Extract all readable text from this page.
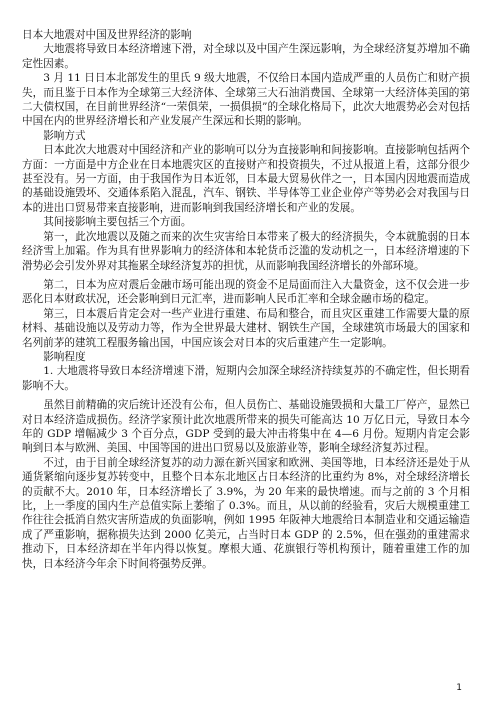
日本大地震对中国及世界经济的影响

大地震将导致日本经济增速下滑，对全球以及中国产生深远影响，为全球经济复苏增加不确定性因素。

3 月 11 日日本北部发生的里氏 9 级大地震，不仅给日本国内造成严重的人员伤亡和财产损失，而且鉴于日本作为全球第三大经济体、全球第三大石油消费国、全球第一大经济体美国的第二大债权国，在目前世界经济“一荣俱荣，一损俱损”的全球化格局下，此次大地震势必会对包括中国在内的世界经济增长和产业发展产生深远和长期的影响。

影响方式

日本此次大地震对中国经济和产业的影响可以分为直接影响和间接影响。直接影响包括两个方面：一方面是中方企业在日本地震灾区的直接财产和投资损失，不过从报道上看，这部分很少甚至没有。另一方面，由于我国作为日本近邻，日本最大贸易伙伴之一，日本国内因地震而造成的基础设施毁坏、交通体系陷入混乱，汽车、钢铁、半导体等工业企业停产等势必会对我国与日本的进出口贸易带来直接影响，进而影响到我国经济增长和产业的发展。

其间接影响主要包括三个方面。

第一，此次地震以及随之而来的次生灾害给日本带来了极大的经济损失，令本就脆弱的日本经济雪上加霜。作为具有世界影响力的经济体和本轮货币泛滥的发动机之一，日本经济增速的下滑势必会引发外界对其拖累全球经济复苏的担忧，从而影响我国经济增长的外部环境。

第二，日本为应对震后金融市场可能出现的资金不足局面而注入大量资金，这不仅会进一步恶化日本财政状况，还会影响到日元汇率，进而影响人民币汇率和全球金融市场的稳定。

第三，日本震后肯定会对一些产业进行重建、布局和整合，而且灾区重建工作需要大量的原材料、基础设施以及劳动力等，作为全世界最大建材、钢铁生产国，全球建筑市场最大的国家和名列前茅的建筑工程服务输出国，中国应该会对日本的灾后重建产生一定影响。

影响程度

1. 大地震将导致日本经济增速下滑，短期内会加深全球经济持续复苏的不确定性，但长期看影响不大。

虽然目前精确的灾后统计还没有公布，但人员伤亡、基础设施毁损和大量工厂停产，显然已对日本经济造成损伤。经济学家预计此次地震所带来的损失可能高达 10 万亿日元，导致日本今年的 GDP 增幅减少 3 个百分点，GDP 受到的最大冲击将集中在 4—6 月份。短期内肯定会影响到日本与欧洲、美国、中国等国的进出口贸易以及旅游业等，影响全球经济复苏过程。

不过，由于目前全球经济复苏的动力源在新兴国家和欧洲、美国等地，日本经济还是处于从通货紧缩向逐步复苏转变中，且整个日本东北地区占日本经济的比重约为 8%，对全球经济增长的贡献不大。2010 年，日本经济增长了 3.9%，为 20 年来的最快增速。而与之前的 3 个月相比，上一季度的国内生产总值实际上萎缩了 0.3%。而且，从以前的经验看，灾后大规模重建工作往往会抵消自然灾害所造成的负面影响，例如 1995 年阪神大地震给日本制造业和交通运输造成了严重影响，据称损失达到 2000 亿美元，占当时日本 GDP 的 2.5%，但在强劲的重建需求推动下，日本经济却在半年内得以恢复。摩根大通、花旗银行等机构预计，随着重建工作的加快，日本经济今年余下时间将强势反弹。

1
